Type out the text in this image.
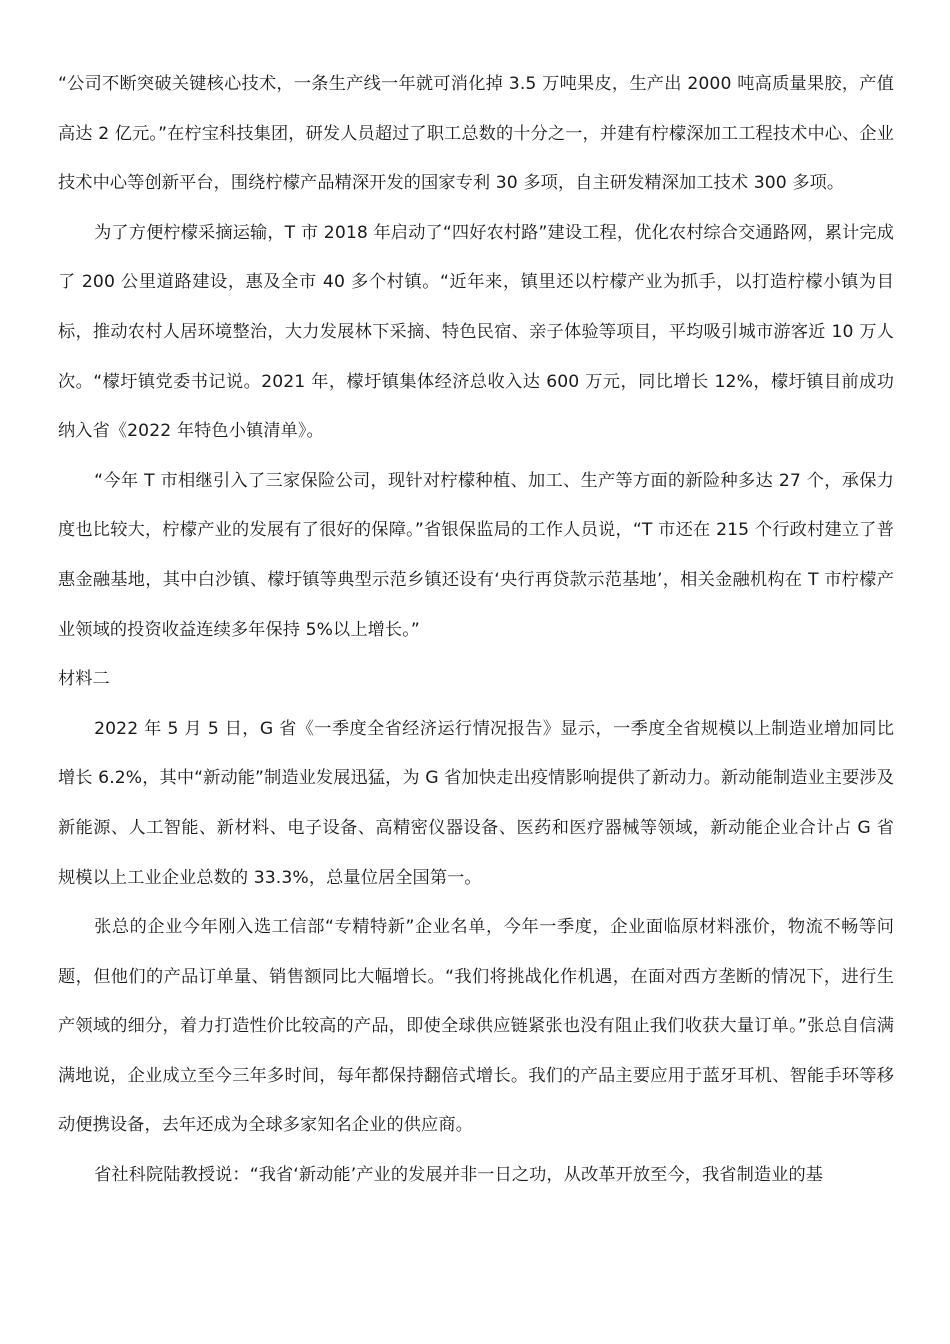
“公司不断突破关键核心技术，一条生产线一年就可消化掉 3.5 万吨果皮，生产出 2000 吨高质量果胶，产值高达 2 亿元。”在柠宝科技集团，研发人员超过了职工总数的十分之一，并建有柠檬深加工工程技术中心、企业技术中心等创新平台，围绕柠檬产品精深开发的国家专利 30 多项，自主研发精深加工技术 300 多项。

为了方便柠檬采摘运输，T 市 2018 年启动了“四好农村路”建设工程，优化农村综合交通路网，累计完成了 200 公里道路建设，惠及全市 40 多个村镇。“近年来，镇里还以柠檬产业为抓手，以打造柠檬小镇为目标，推动农村人居环境整治，大力发展林下采摘、特色民宿、亲子体验等项目，平均吸引城市游客近 10 万人次。“檬圩镇党委书记说。2021 年，檬圩镇集体经济总收入达 600 万元，同比增长 12%，檬圩镇目前成功纳入省《2022 年特色小镇清单》。

“今年 T 市相继引入了三家保险公司，现针对柠檬种植、加工、生产等方面的新险种多达 27 个，承保力度也比较大，柠檬产业的发展有了很好的保障。”省银保监局的工作人员说，“T 市还在 215 个行政村建立了普惠金融基地，其中白沙镇、檬圩镇等典型示范乡镇还设有‘央行再贷款示范基地’，相关金融机构在 T 市柠檬产业领域的投资收益连续多年保持 5%以上增长。”

材料二

2022 年 5 月 5 日，G 省《一季度全省经济运行情况报告》显示，一季度全省规模以上制造业增加同比增长 6.2%，其中“新动能”制造业发展迅猛，为 G 省加快走出疫情影响提供了新动力。新动能制造业主要涉及新能源、人工智能、新材料、电子设备、高精密仪器设备、医药和医疗器械等领域，新动能企业合计占 G 省规模以上工业企业总数的 33.3%，总量位居全国第一。

张总的企业今年刚入选工信部“专精特新”企业名单，今年一季度，企业面临原材料涨价，物流不畅等问题，但他们的产品订单量、销售额同比大幅增长。“我们将挑战化作机遇，在面对西方垄断的情况下，进行生产领域的细分，着力打造性价比较高的产品，即使全球供应链紧张也没有阻止我们收获大量订单。”张总自信满满地说，企业成立至今三年多时间，每年都保持翻倍式增长。我们的产品主要应用于蓝牙耳机、智能手环等移动便携设备，去年还成为全球多家知名企业的供应商。

省社科院陆教授说：“我省‘新动能’产业的发展并非一日之功，从改革开放至今，我省制造业的基
